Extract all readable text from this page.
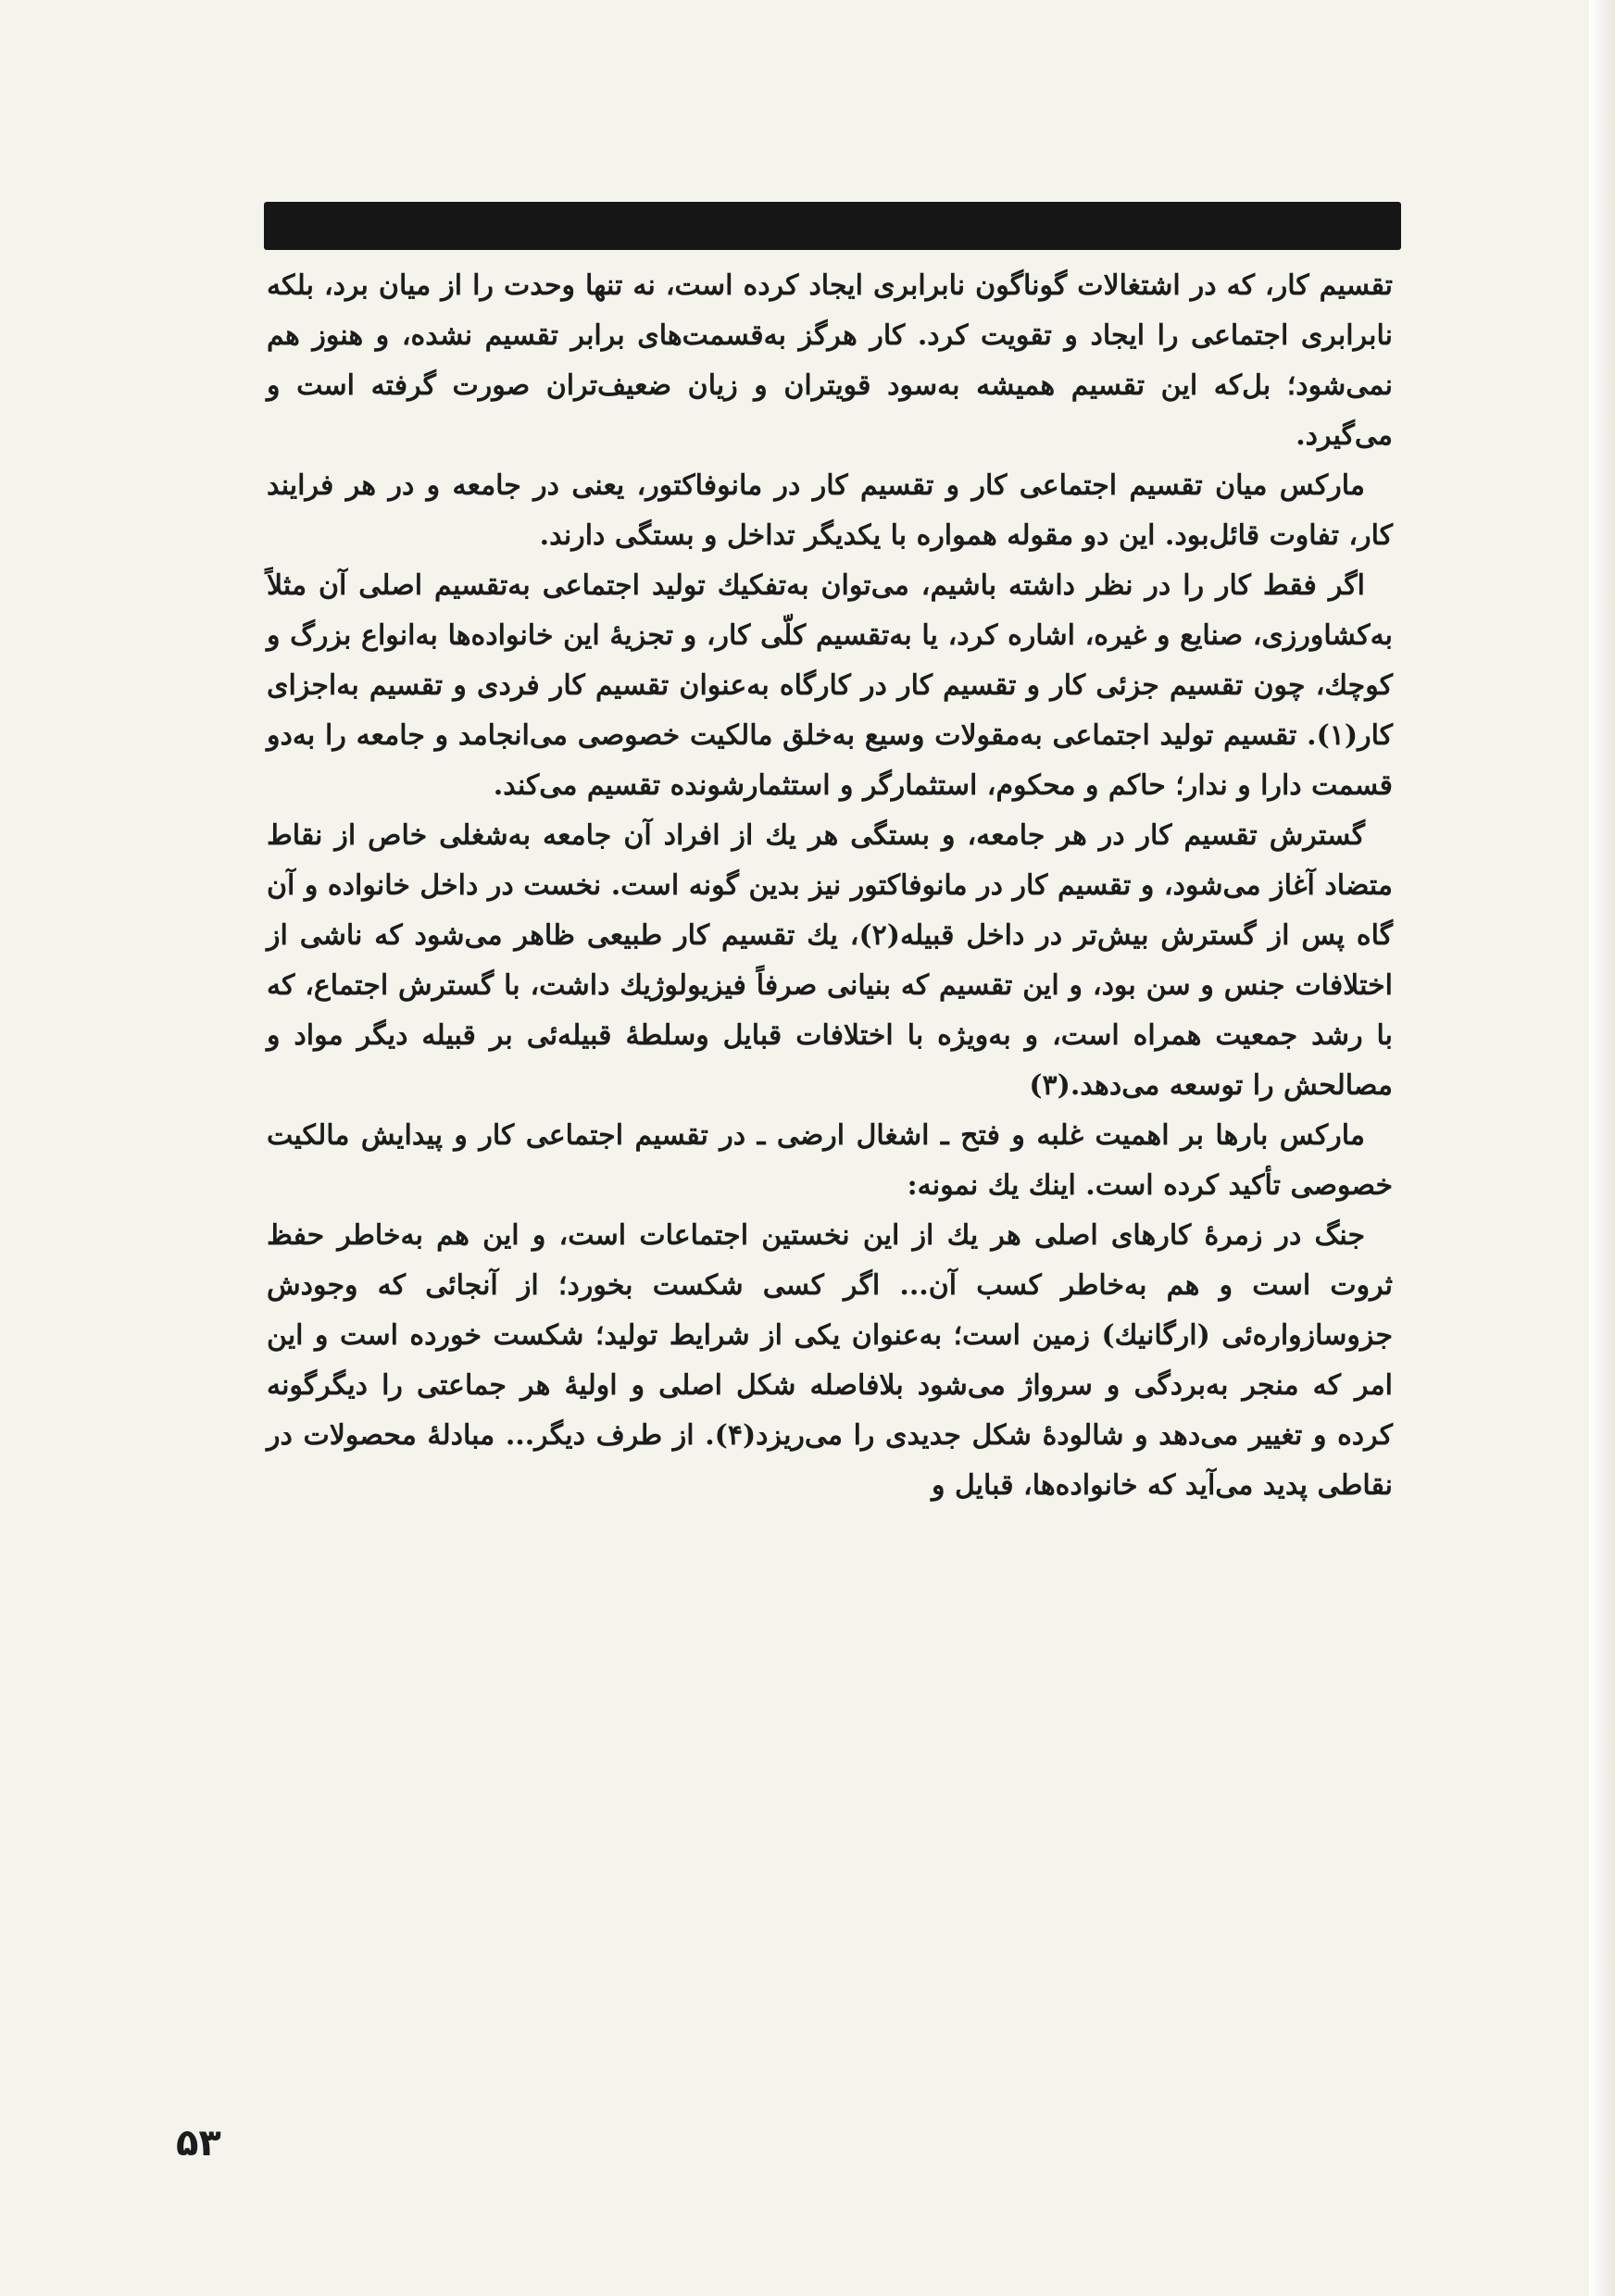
تقسیم کار، که در اشتغالات گوناگون نابرابری ایجاد کرده است، نه تنها وحدت را از میان برد، بلکه نابرابری اجتماعی را ایجاد و تقویت کرد. کار هرگز به‌قسمت‌های برابر تقسیم نشده، و هنوز هم نمی‌شود؛ بل‌که این تقسیم همیشه به‌سود قویتران و زیان ضعیف‌تران صورت گرفته است و می‌گیرد.

مارکس میان تقسیم اجتماعی کار و تقسیم کار در مانوفاکتور، یعنی در جامعه و در هر فرایند کار، تفاوت قائل‌بود. این دو مقوله همواره با یکدیگر تداخل و بستگی دارند.

اگر فقط کار را در نظر داشته باشیم، می‌توان به‌تفکیك تولید اجتماعی به‌تقسیم اصلی آن مثلاً به‌کشاورزی، صنایع و غیره، اشاره کرد، یا به‌تقسیم کلّی کار، و تجزیهٔ این خانواده‌ها به‌انواع بزرگ و کوچك، چون تقسیم جزئی کار و تقسیم کار در کارگاه به‌عنوان تقسیم کار فردی و تقسیم به‌اجزای کار(۱). تقسیم تولید اجتماعی به‌مقولات وسیع به‌خلق مالکیت خصوصی می‌انجامد و جامعه را به‌دو قسمت دارا و ندار؛ حاکم و محکوم، استثمارگر و استثمارشونده تقسیم می‌کند.

گسترش تقسیم کار در هر جامعه، و بستگی هر یك از افراد آن جامعه به‌شغلی خاص از نقاط متضاد آغاز می‌شود، و تقسیم کار در مانوفاکتور نیز بدین گونه است. نخست در داخل خانواده و آن گاه پس از گسترش بیش‌تر در داخل قبیله(۲)، یك تقسیم کار طبیعی ظاهر می‌شود که ناشی از اختلافات جنس و سن بود، و این تقسیم که بنیانی صرفاً فیزیولوژیك داشت، با گسترش اجتماع، که با رشد جمعیت همراه است، و به‌ویژه با اختلافات قبایل وسلطهٔ قبیله‌ئی بر قبیله دیگر مواد و مصالحش را توسعه می‌دهد.(۳)

مارکس بارها بر اهمیت غلبه و فتح ـ اشغال ارضی ـ در تقسیم اجتماعی کار و پیدایش مالکیت خصوصی تأکید کرده است. اینك یك نمونه:

جنگ در زمرهٔ کارهای اصلی هر یك از این نخستین اجتماعات است، و این هم به‌خاطر حفظ ثروت است و هم به‌خاطر کسب آن... اگر کسی شکست بخورد؛ از آنجائی که وجودش جزوسازواره‌ئی (ارگانیك) زمین است؛ به‌عنوان یکی از شرایط تولید؛ شکست خورده است و این امر که منجر به‌بردگی و سرواژ می‌شود بلافاصله شکل اصلی و اولیهٔ هر جماعتی را دیگرگونه کرده و تغییر می‌دهد و شالودهٔ شکل جدیدی را می‌ریزد(۴). از طرف دیگر... مبادلهٔ محصولات در نقاطی پدید می‌آید که خانواده‌ها، قبایل و

۵۳
